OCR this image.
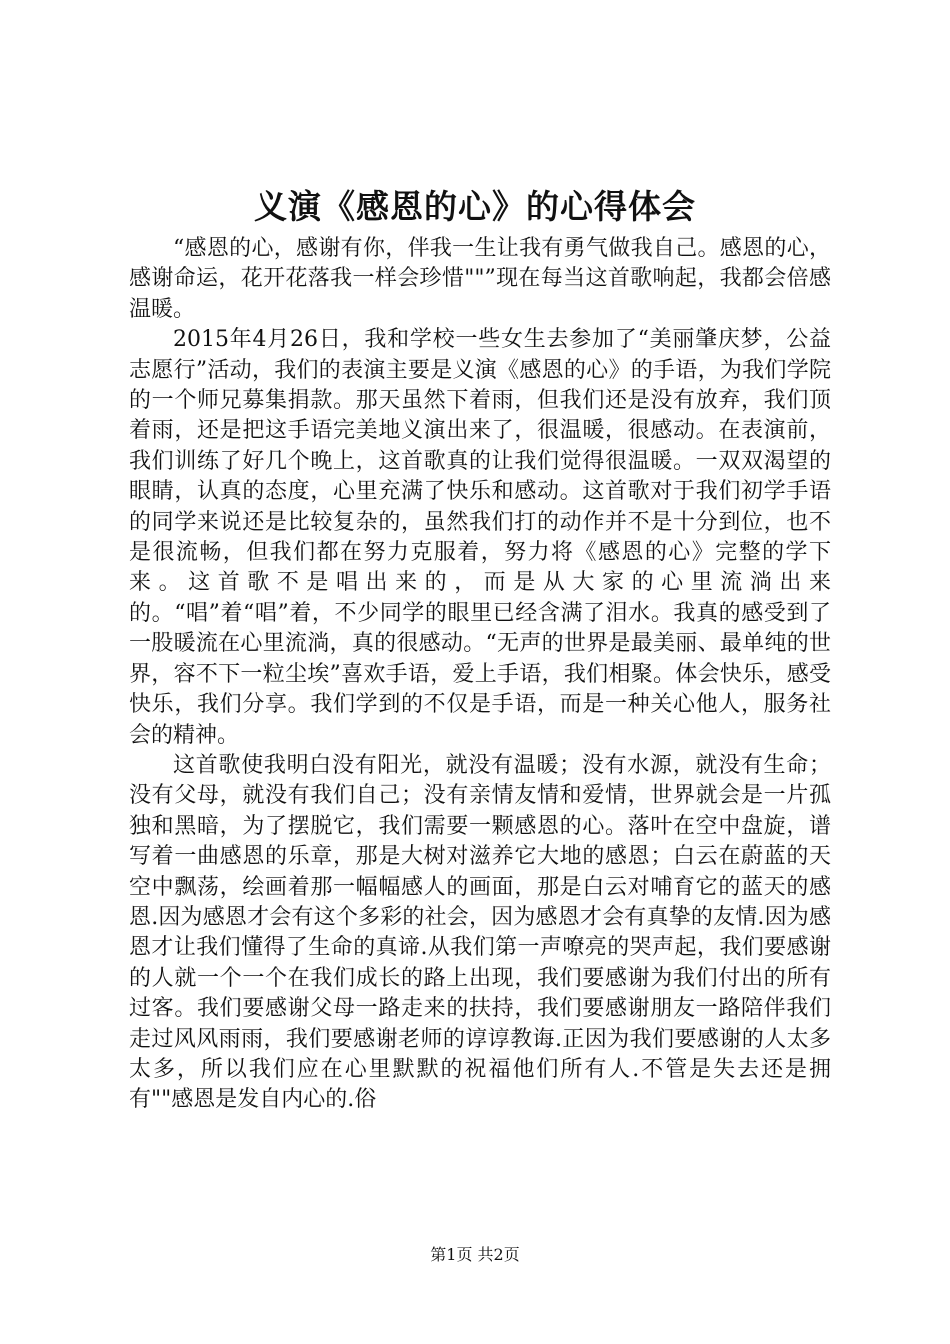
义演《感恩的心》的心得体会

“感恩的心，感谢有你，伴我一生让我有勇气做我自己。感恩的心，感谢命运，花开花落我一样会珍惜""”现在每当这首歌响起，我都会倍感温暖。

2015年4月26日，我和学校一些女生去参加了“美丽肇庆梦，公益志愿行”活动，我们的表演主要是义演《感恩的心》的手语，为我们学院的一个师兄募集捐款。那天虽然下着雨，但我们还是没有放弃，我们顶着雨，还是把这手语完美地义演出来了，很温暖，很感动。在表演前，我们训练了好几个晚上，这首歌真的让我们觉得很温暖。一双双渴望的眼睛，认真的态度，心里充满了快乐和感动。这首歌对于我们初学手语的同学来说还是比较复杂的，虽然我们打的动作并不是十分到位，也不是很流畅，但我们都在努力克服着，努力将《感恩的心》完整的学下来。这首歌不是唱出来的，而是从大家的心里流淌出来的。“唱”着“唱”着，不少同学的眼里已经含满了泪水。我真的感受到了一股暖流在心里流淌，真的很感动。“无声的世界是最美丽、最单纯的世界，容不下一粒尘埃”喜欢手语，爱上手语，我们相聚。体会快乐，感受快乐，我们分享。我们学到的不仅是手语，而是一种关心他人，服务社会的精神。

这首歌使我明白没有阳光，就没有温暖；没有水源，就没有生命；没有父母，就没有我们自己；没有亲情友情和爱情，世界就会是一片孤独和黑暗，为了摆脱它，我们需要一颗感恩的心。落叶在空中盘旋，谱写着一曲感恩的乐章，那是大树对滋养它大地的感恩；白云在蔚蓝的天空中飘荡，绘画着那一幅幅感人的画面，那是白云对哺育它的蓝天的感恩.因为感恩才会有这个多彩的社会，因为感恩才会有真挚的友情.因为感恩才让我们懂得了生命的真谛.从我们第一声嘹亮的哭声起，我们要感谢的人就一个一个在我们成长的路上出现，我们要感谢为我们付出的所有过客。我们要感谢父母一路走来的扶持，我们要感谢朋友一路陪伴我们走过风风雨雨，我们要感谢老师的谆谆教诲.正因为我们要感谢的人太多太多，所以我们应在心里默默的祝福他们所有人.不管是失去还是拥有""感恩是发自内心的.俗

第1页 共2页
